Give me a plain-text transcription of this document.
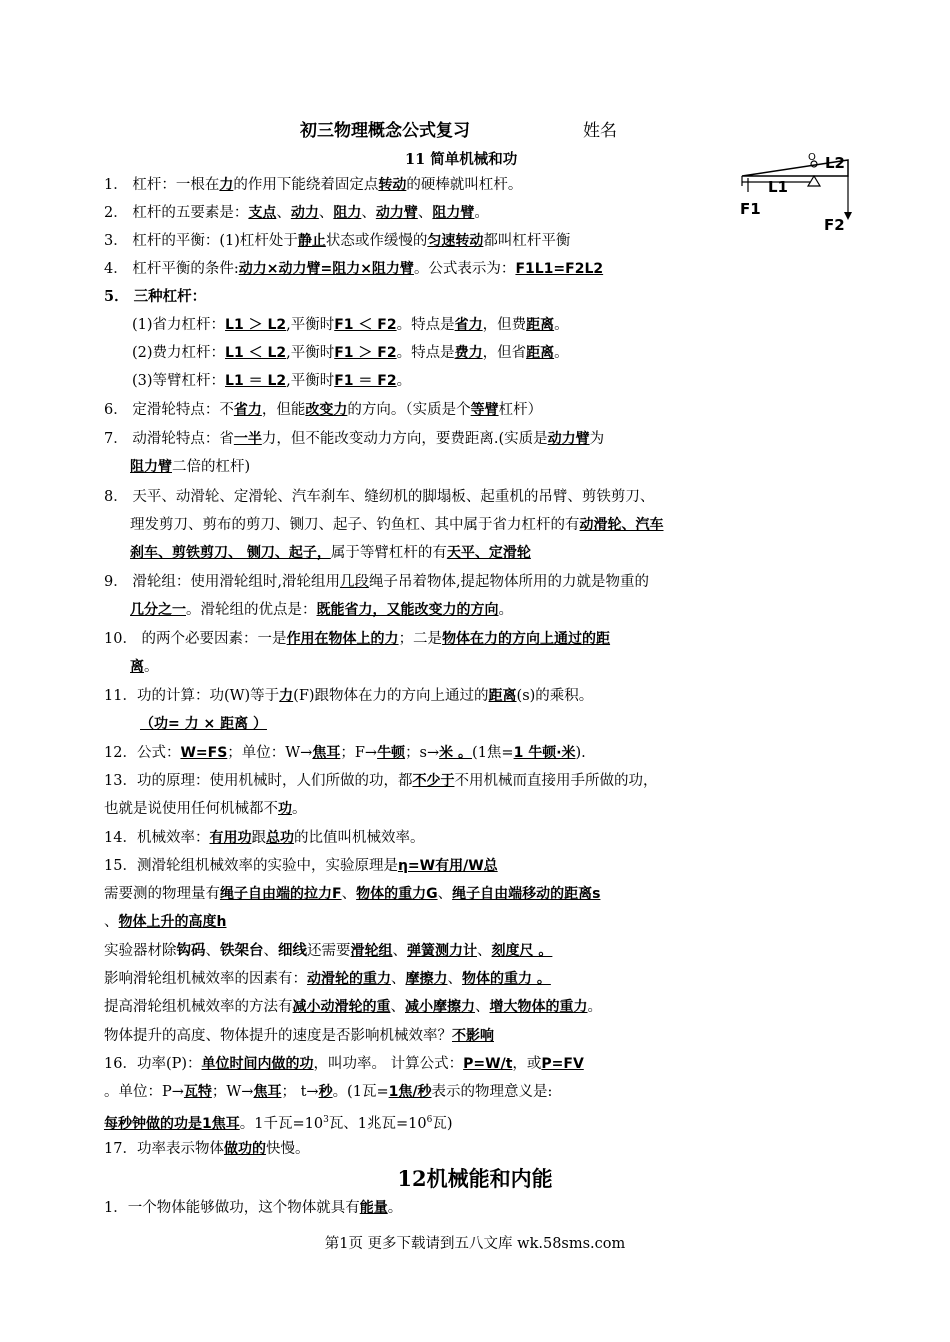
初三物理概念公式复习	姓名
11 简单机械和功	L2
L1
F1
F2
O
1． 杠杆：一根在力的作用下能绕着固定点转动的硬棒就叫杠杆。
2． 杠杆的五要素是：支点、动力、阻力、动力臂、阻力臂。
3． 杠杆的平衡：(1)杠杆处于静止状态或作缓慢的匀速转动都叫杠杆平衡
4． 杠杆平衡的条件:动力×动力臂=阻力×阻力臂。公式表示为：F1L1=F2L2
5． 三种杠杆：
(1)省力杠杆：L1 ＞ L2,平衡时F1 ＜ F2。特点是省力，但费距离。
(2)费力杠杆：L1 ＜ L2,平衡时F1 ＞ F2。特点是费力，但省距离。
(3)等臂杠杆：L1 ＝ L2,平衡时F1 ＝ F2。
6． 定滑轮特点：不省力，但能改变力的方向。（实质是个等臂杠杆）
7． 动滑轮特点：省一半力，但不能改变动力方向，要费距离.(实质是动力臂为
阻力臂二倍的杠杆)
8． 天平、动滑轮、定滑轮、汽车刹车、缝纫机的脚塌板、起重机的吊臂、剪铁剪刀、
理发剪刀、剪布的剪刀、铡刀、起子、钓鱼杠、其中属于省力杠杆的有动滑轮、汽车
刹车、剪铁剪刀、 铡刀、起子，属于等臂杠杆的有天平、定滑轮
9． 滑轮组：使用滑轮组时,滑轮组用几段绳子吊着物体,提起物体所用的力就是物重的
几分之一。滑轮组的优点是：既能省力，又能改变力的方向。
10． 的两个必要因素：一是作用在物体上的力；二是物体在力的方向上通过的距
离。
11．功的计算：功(W)等于力(F)跟物体在力的方向上通过的距离(s)的乘积。
（功= 力 × 距离 ）
12．公式：W=FS；单位：W→焦耳；F→牛顿；s→米 。(1焦=1 牛顿·米).
13．功的原理：使用机械时，人们所做的功，都不少于不用机械而直接用手所做的功，
也就是说使用任何机械都不功。
14．机械效率：有用功跟总功的比值叫机械效率。
15．测滑轮组机械效率的实验中，实验原理是η=W有用/W总
需要测的物理量有绳子自由端的拉力F、物体的重力G、绳子自由端移动的距离s
、物体上升的高度h
实验器材除钩码、铁架台、细线还需要滑轮组、弹簧测力计、刻度尺 。
影响滑轮组机械效率的因素有：动滑轮的重力、摩擦力、物体的重力 。
提高滑轮组机械效率的方法有减小动滑轮的重、减小摩擦力、增大物体的重力。
物体提升的高度、物体提升的速度是否影响机械效率？不影响
16．功率(P)：单位时间内做的功，叫功率。 计算公式：P=W/t，或P=FV
。单位：P→瓦特；W→焦耳； t→秒。(1瓦=1焦/秒表示的物理意义是:
每秒钟做的功是1焦耳。1千瓦$=10^3$瓦、1兆瓦$=10^6$瓦)
17．功率表示物体做功的快慢。
12机械能和内能
1．一个物体能够做功，这个物体就具有能量。
第1页 更多下载请到五八文库 wk.58sms.com
